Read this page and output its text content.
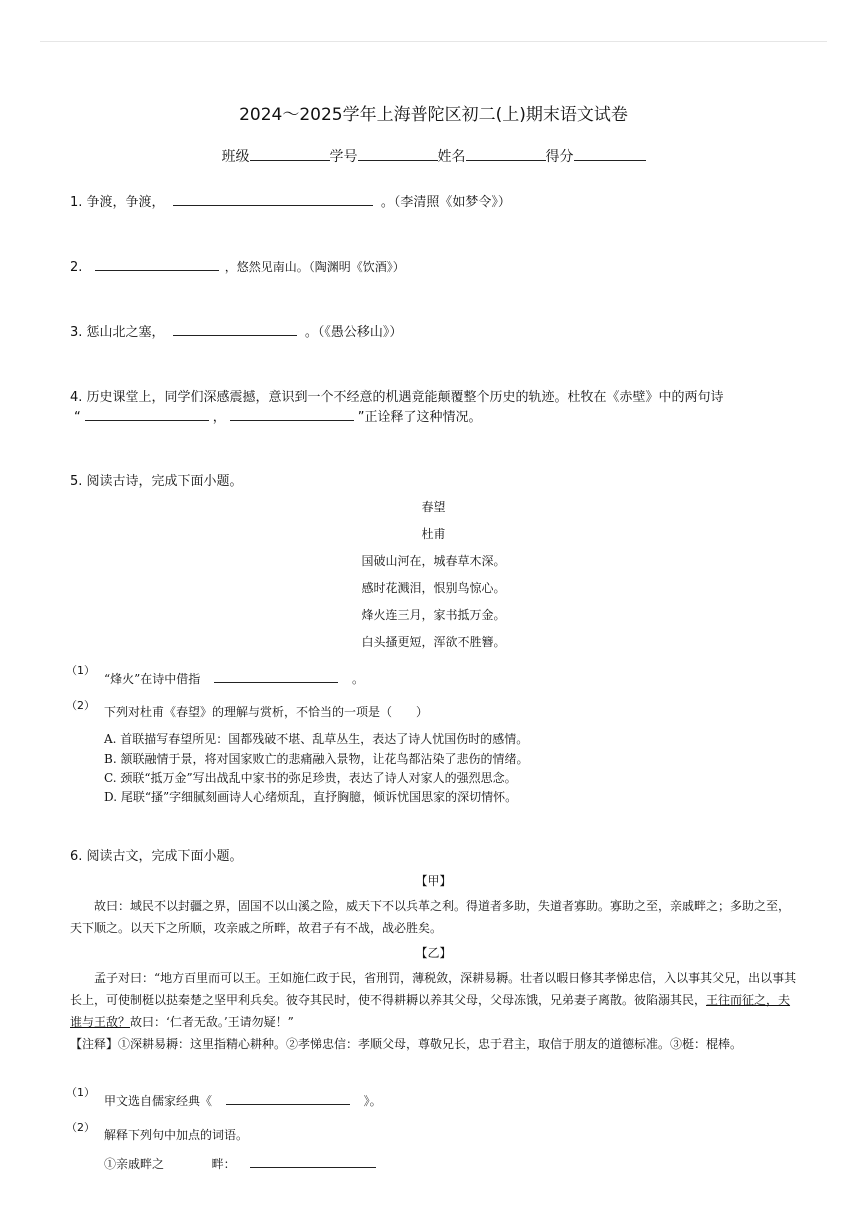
2024～2025学年上海普陀区初二(上)期末语文试卷
班级	学号	姓名	得分
1. 争渡，争渡，	。（李清照《如梦令》）
2.	，悠然见南山。（陶渊明《饮酒》）
3. 惩山北之塞，	。（《愚公移山》）
4. 历史课堂上，同学们深感震撼，意识到一个不经意的机遇竟能颠覆整个历史的轨迹。杜牧在《赤壁》中的两句诗
“	，	”正诠释了这种情况。
5. 阅读古诗，完成下面小题。
春望
杜甫
国破山河在，城春草木深。
感时花溅泪，恨别鸟惊心。
烽火连三月，家书抵万金。
白头搔更短，浑欲不胜簪。
（1）
“烽火”在诗中借指	。
（2） 下列对杜甫《春望》的理解与赏析，不恰当的一项是（　　）
A. 首联描写春望所见：国都残破不堪、乱草丛生，表达了诗人忧国伤时的感情。
B. 颔联融情于景，将对国家败亡的悲痛融入景物，让花鸟都沾染了悲伤的情绪。
C. 颈联“抵万金”写出战乱中家书的弥足珍贵，表达了诗人对家人的强烈思念。
D. 尾联“搔”字细腻刻画诗人心绪烦乱，直抒胸臆，倾诉忧国思家的深切情怀。
6. 阅读古文，完成下面小题。
【甲】
故曰：域民不以封疆之界，固国不以山溪之险，威天下不以兵革之利。得道者多助，失道者寡助。寡助之至，亲戚畔之；多助之至，天下顺之。以天下之所顺，攻亲戚之所畔，故君子有不战，战必胜矣。
【乙】
孟子对曰：“地方百里而可以王。王如施仁政于民，省刑罚，薄税敛，深耕易耨。壮者以暇日修其孝悌忠信，入以事其父兄，出以事其长上，可使制梃以挞秦楚之坚甲利兵矣。彼夺其民时，使不得耕耨以养其父母，父母冻饿，兄弟妻子离散。彼陷溺其民，王往而征之，夫谁与王敌？故曰：‘仁者无敌。’王请勿疑！”
【注释】①深耕易耨：这里指精心耕种。②孝悌忠信：孝顺父母，尊敬兄长，忠于君主，取信于朋友的道德标准。③梃：棍棒。
（1）
甲文选自儒家经典《	》。
（2）
解释下列句中加点的词语。
①亲戚畔之	畔：
